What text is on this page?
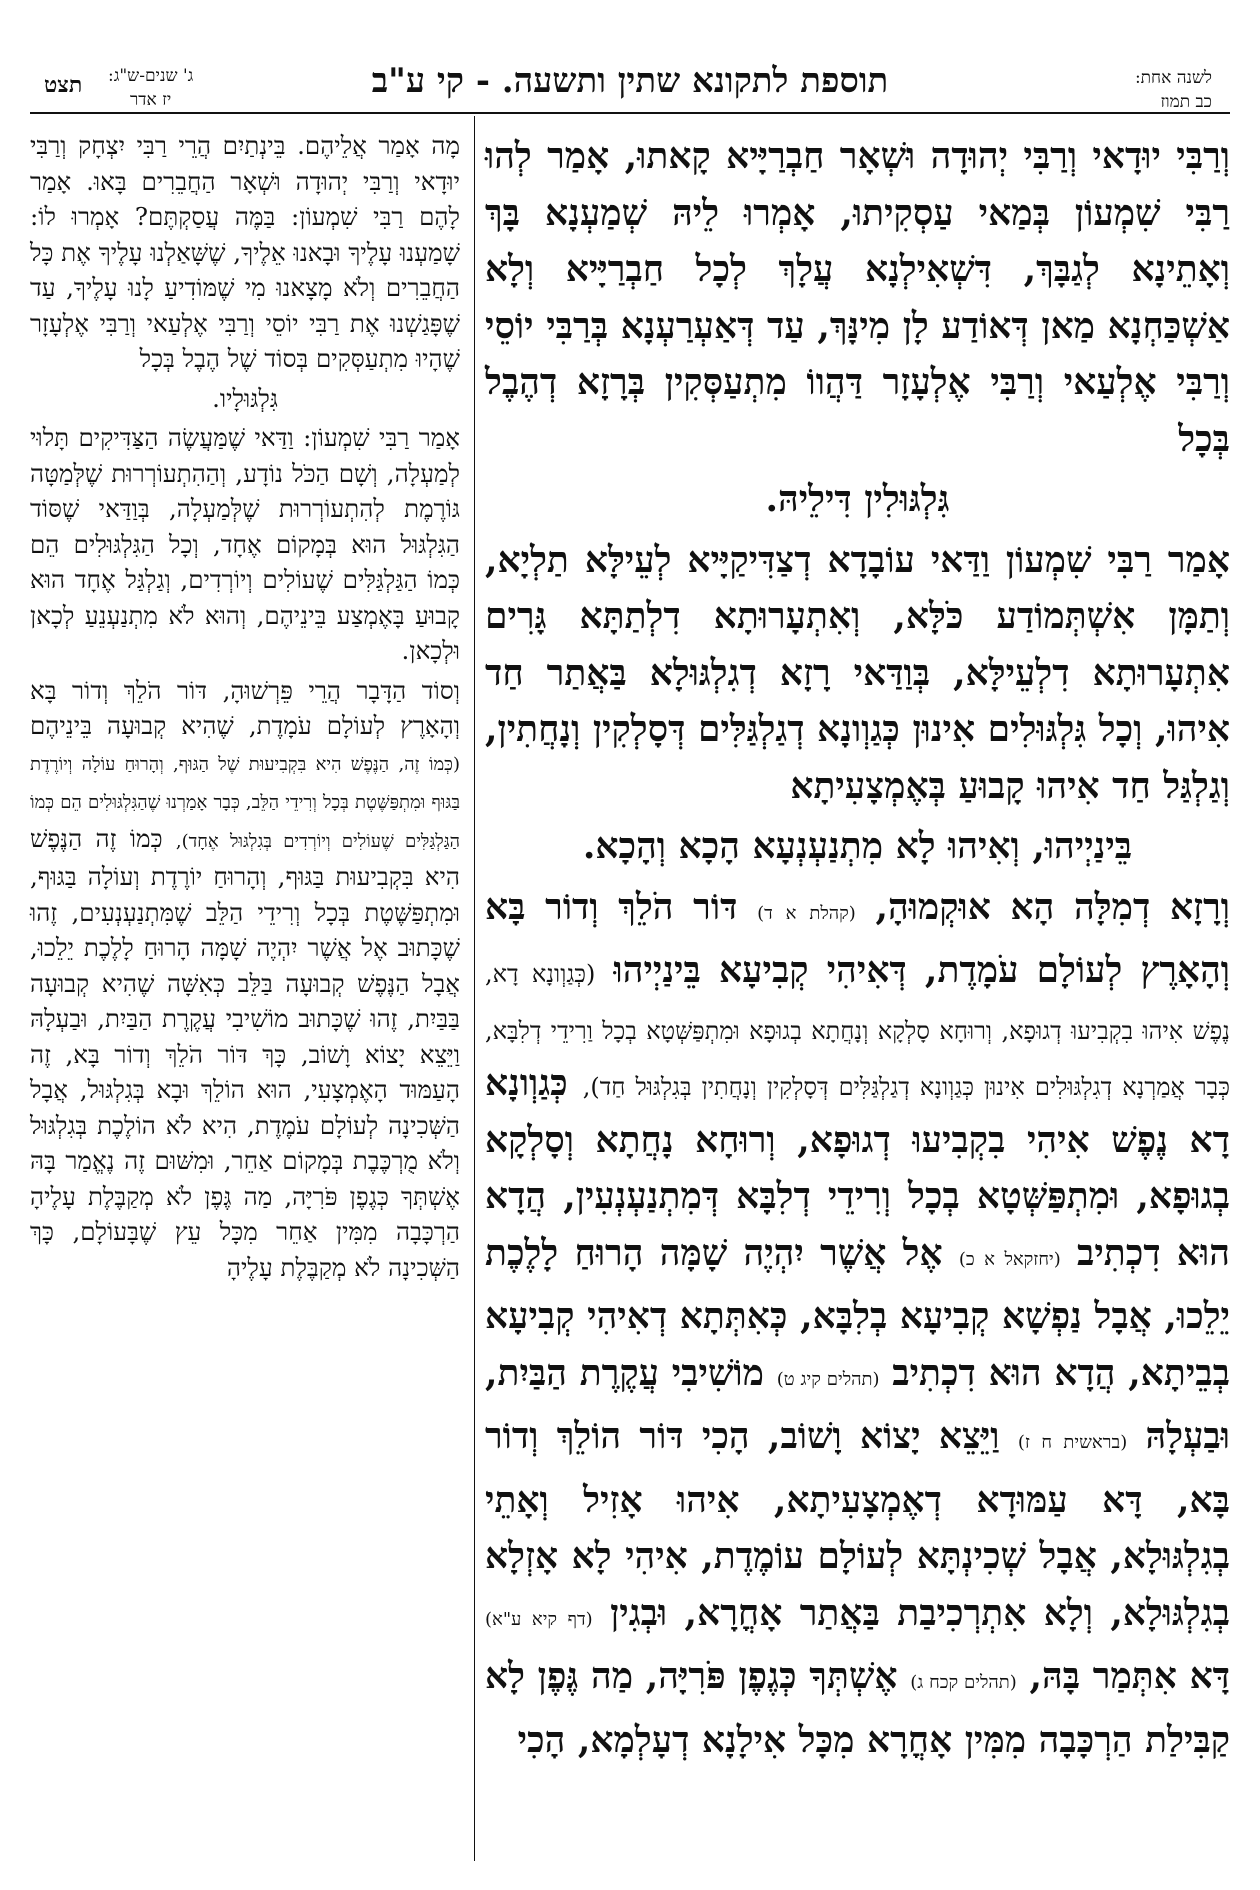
לשנה אחת:
כב תמוז
תוספת לתקונא שתין ותשעה. - קי ע"ב
ג' שנים-ש"ג:
יז אדר
תצט

וְרַבִּי יוּדָאי וְרַבִּי יְהוּדָה וּשְׁאָר חַבְרַיָּיא קָאתוּ, אָמַר לְהוּ רַבִּי שִׁמְעוֹן בְּמַאי עַסְקִיתוּ, אָמְרוּ לֵיהּ שְׁמַעְנָא בָּךְ וְאָתֵינָא לְגַבָּךְ, דִּשְׁאִילְנָא עֲלָךְ לְכָל חַבְרַיָּיא וְלָא אַשְׁכַּחְנָא מַאן דְּאוֹדַע לָן מִינָּךְ, עַד דְּאַעְרַעְנָא בְּרַבִּי יוֹסֵי וְרַבִּי אֶלְעַאי וְרַבִּי אֶלְעָזָר דַּהֲווֹ מִתְעַסְּקִין בְּרָזָא דְהֶבֶל בְּכָל

גִּלְגּוּלִין דִּילֵיהּ.

אָמַר רַבִּי שִׁמְעוֹן וַדַּאי עוֹבָדָא דְצַדִּיקַיָּיא לְעֵילָּא תַלְיָא, וְתַמָּן אִשְׁתְּמוֹדַע כֹּלָּא, וְאִתְעָרוּתָא דִלְתַתָּא גָּרִים אִתְעָרוּתָא דִלְעֵילָּא, בְּוַדַּאי רָזָא דְגִלְגּוּלָא בַּאֲתַר חַד אִיהוּ, וְכָל גִּלְגּוּלִים אִינוּן כְּגַוְונָא דְגַלְגַּלִּים דְּסָלְקִין וְנָחֲתִין, וְגַלְגַּל חַד אִיהוּ קָבוּעַ בְּאֶמְצָעִיתָא

בֵּינַיְיהוּ, וְאִיהוּ לָא מִתְנַעְנְעָא הָכָא וְהָכָא.

וְרָזָא דְמִלָּה הָא אוּקְמוּהָ, (קהלת א ד) דּוֹר הֹלֵךְ וְדוֹר בָּא וְהָאָרֶץ לְעוֹלָם עֹמָדֶת, דְּאִיהִי קְבִיעָא בֵּינַיְיהוּ (כְּגַוְונָא דָא, נֶפֶשׁ אִיהוּ בִקְבִיעוּ דְגוּפָא, וְרוּחָא סָלְקָא וְנָחֲתָא בְגוּפָא וּמִתְפַּשְּׁטָא בְכָל וַרִידֵי דְלִבָּא, כְּבָר אֲמַרְנָא דְגִלְגּוּלִים אִינוּן כְּגַוְונָא דְגַלְגַּלִּים דְּסָלְקִין וְנָחֲתִין בְּגִלְגּוּל חַד), כְּגַוְונָא דָא נֶפֶשׁ אִיהִי בִקְבִיעוּ דְגוּפָא, וְרוּחָא נָחֲתָא וְסָלְקָא בְגוּפָא, וּמִתְפַּשְּׁטָא בְכָל וְרִידֵי דְלִבָּא דְּמִתְנַעְנְעִין, הֲדָא הוּא דִכְתִיב (יחזקאל א כ) אֶל אֲשֶׁר יִהְיֶה שָׁמָּה הָרוּחַ לָלֶכֶת יֵלֵכוּ, אֲבָל נַפְשָׁא קְבִיעָא בְלִבָּא, כְּאִתְּתָא דְאִיהִי קְבִיעָא בְבֵיתָא, הֲדָא הוּא דִכְתִיב (תהלים קיג ט) מוֹשִׁיבִי עֲקֶרֶת הַבַּיִת, וּבַעְלָהּ (בראשית ח ז) וַיֵּצֵא יָצוֹא וָשׁוֹב, הָכִי דּוֹר הוֹלֵךְ וְדוֹר בָּא, דָּא עַמּוּדָא דְאֶמְצָעִיתָא, אִיהוּ אָזִיל וְאָתֵי בְגִלְגּוּלָא, אֲבָל שְׁכִינְתָּא לְעוֹלָם עוֹמֶדֶת, אִיהִי לָא אָזְלָא בְגִלְגּוּלָא, וְלָא אִתְרְכִיבַת בַּאֲתַר אָחֳרָא, וּבְגִין (דף קיא ע"א) דָּא אִתְּמַר בָּהּ, (תהלים קכח ג) אֶשְׁתְּךָ כְּגֶפֶן פֹּרִיָּה, מַה גֶּפֶן לָא קַבִּילַת הַרְכָּבָה מִמִּין אָחֳרָא מִכָּל אִילָנָא דְעָלְמָא, הָכִי

מָה אָמַר אֲלֵיהֶם. בֵּינְתַיִם הֲרֵי רַבִּי יִצְחָק וְרַבִּי יוּדָאי וְרַבִּי יְהוּדָה וּשְׁאָר הַחֲבֵרִים בָּאוּ. אָמַר לָהֶם רַבִּי שִׁמְעוֹן: בַּמֶּה עֲסַקְתֶּם? אָמְרוּ לוֹ: שָׁמַעְנוּ עָלֶיךָ וּבָאנוּ אֵלֶיךָ, שֶׁשָּׁאַלְנוּ עָלֶיךָ אֶת כָּל הַחֲבֵרִים וְלֹא מָצָאנוּ מִי שֶׁמּוֹדִיעַ לָנוּ עָלֶיךָ, עַד שֶׁפָּגַשְׁנוּ אֶת רַבִּי יוֹסֵי וְרַבִּי אֶלְעַאי וְרַבִּי אֶלְעָזָר שֶׁהָיוּ מִתְעַסְּקִים בְּסוֹד שֶׁל הֶבֶל בְּכָל

גִּלְגּוּלָיו.

אָמַר רַבִּי שִׁמְעוֹן: וַדַּאי שֶׁמַּעֲשֶׂה הַצַּדִּיקִים תָּלוּי לְמַעְלָה, וְשָׁם הַכֹּל נוֹדָע, וְהַהִתְעוֹרְרוּת שֶׁלְּמַטָּה גּוֹרֶמֶת לְהִתְעוֹרְרוּת שֶׁלְּמַעְלָה, בְּוַדַּאי שֶׁסּוֹד הַגִּלְגּוּל הוּא בְּמָקוֹם אֶחָד, וְכָל הַגִּלְגּוּלִים הֵם כְּמוֹ הַגַּלְגַּלִּים שֶׁעוֹלִים וְיוֹרְדִים, וְגַלְגַּל אֶחָד הוּא קָבוּעַ בָּאֶמְצַע בֵּינֵיהֶם, וְהוּא לֹא מִתְנַעְנֵעַ לְכָאן וּלְכָאן.

וְסוֹד הַדָּבָר הֲרֵי פֵּרְשׁוּהָ, דּוֹר הֹלֵךְ וְדוֹר בָּא וְהָאָרֶץ לְעוֹלָם עֹמָדֶת, שֶׁהִיא קְבוּעָה בֵּינֵיהֶם (כְּמוֹ זֶה, הַנֶּפֶשׁ הִיא בִּקְבִיעוּת שֶׁל הַגּוּף, וְהָרוּחַ עוֹלָה וְיוֹרֶדֶת בַּגּוּף וּמִתְפַּשֶּׁטֶת בְּכָל וְרִידֵי הַלֵּב, כְּבָר אָמַרְנוּ שֶׁהַגִּלְגּוּלִים הֵם כְּמוֹ הַגַּלְגַּלִּים שֶׁעוֹלִים וְיוֹרְדִים בְּגִלְגּוּל אֶחָד), כְּמוֹ זֶה הַנֶּפֶשׁ הִיא בִּקְבִיעוּת בַּגּוּף, וְהָרוּחַ יוֹרֶדֶת וְעוֹלָה בַּגּוּף, וּמִתְפַּשֶּׁטֶת בְּכָל וְרִידֵי הַלֵּב שֶׁמִּתְנַעְנְעִים, זֶהוּ שֶׁכָּתוּב אֶל אֲשֶׁר יִהְיֶה שָׁמָּה הָרוּחַ לָלֶכֶת יֵלֵכוּ, אֲבָל הַנֶּפֶשׁ קְבוּעָה בַּלֵּב כְּאִשָּׁה שֶׁהִיא קְבוּעָה בַּבַּיִת, זֶהוּ שֶׁכָּתוּב מוֹשִׁיבִי עֲקֶרֶת הַבַּיִת, וּבַעְלָהּ וַיֵּצֵא יָצוֹא וָשׁוֹב, כָּךְ דּוֹר הֹלֵךְ וְדוֹר בָּא, זֶה הָעַמּוּד הָאֶמְצָעִי, הוּא הוֹלֵךְ וּבָא בְּגִלְגּוּל, אֲבָל הַשְּׁכִינָה לְעוֹלָם עֹמֶדֶת, הִיא לֹא הוֹלֶכֶת בְּגִלְגּוּל וְלֹא מֻרְכֶּבֶת בְּמָקוֹם אַחֵר, וּמִשּׁוּם זֶה נֶאֱמַר בָּהּ אֶשְׁתְּךָ כְּגֶפֶן פֹּרִיָּה, מַה גֶּפֶן לֹא מְקַבֶּלֶת עָלֶיהָ הַרְכָּבָה מִמִּין אַחֵר מִכָּל עֵץ שֶׁבָּעוֹלָם, כָּךְ הַשְּׁכִינָה לֹא מְקַבֶּלֶת עָלֶיהָ
